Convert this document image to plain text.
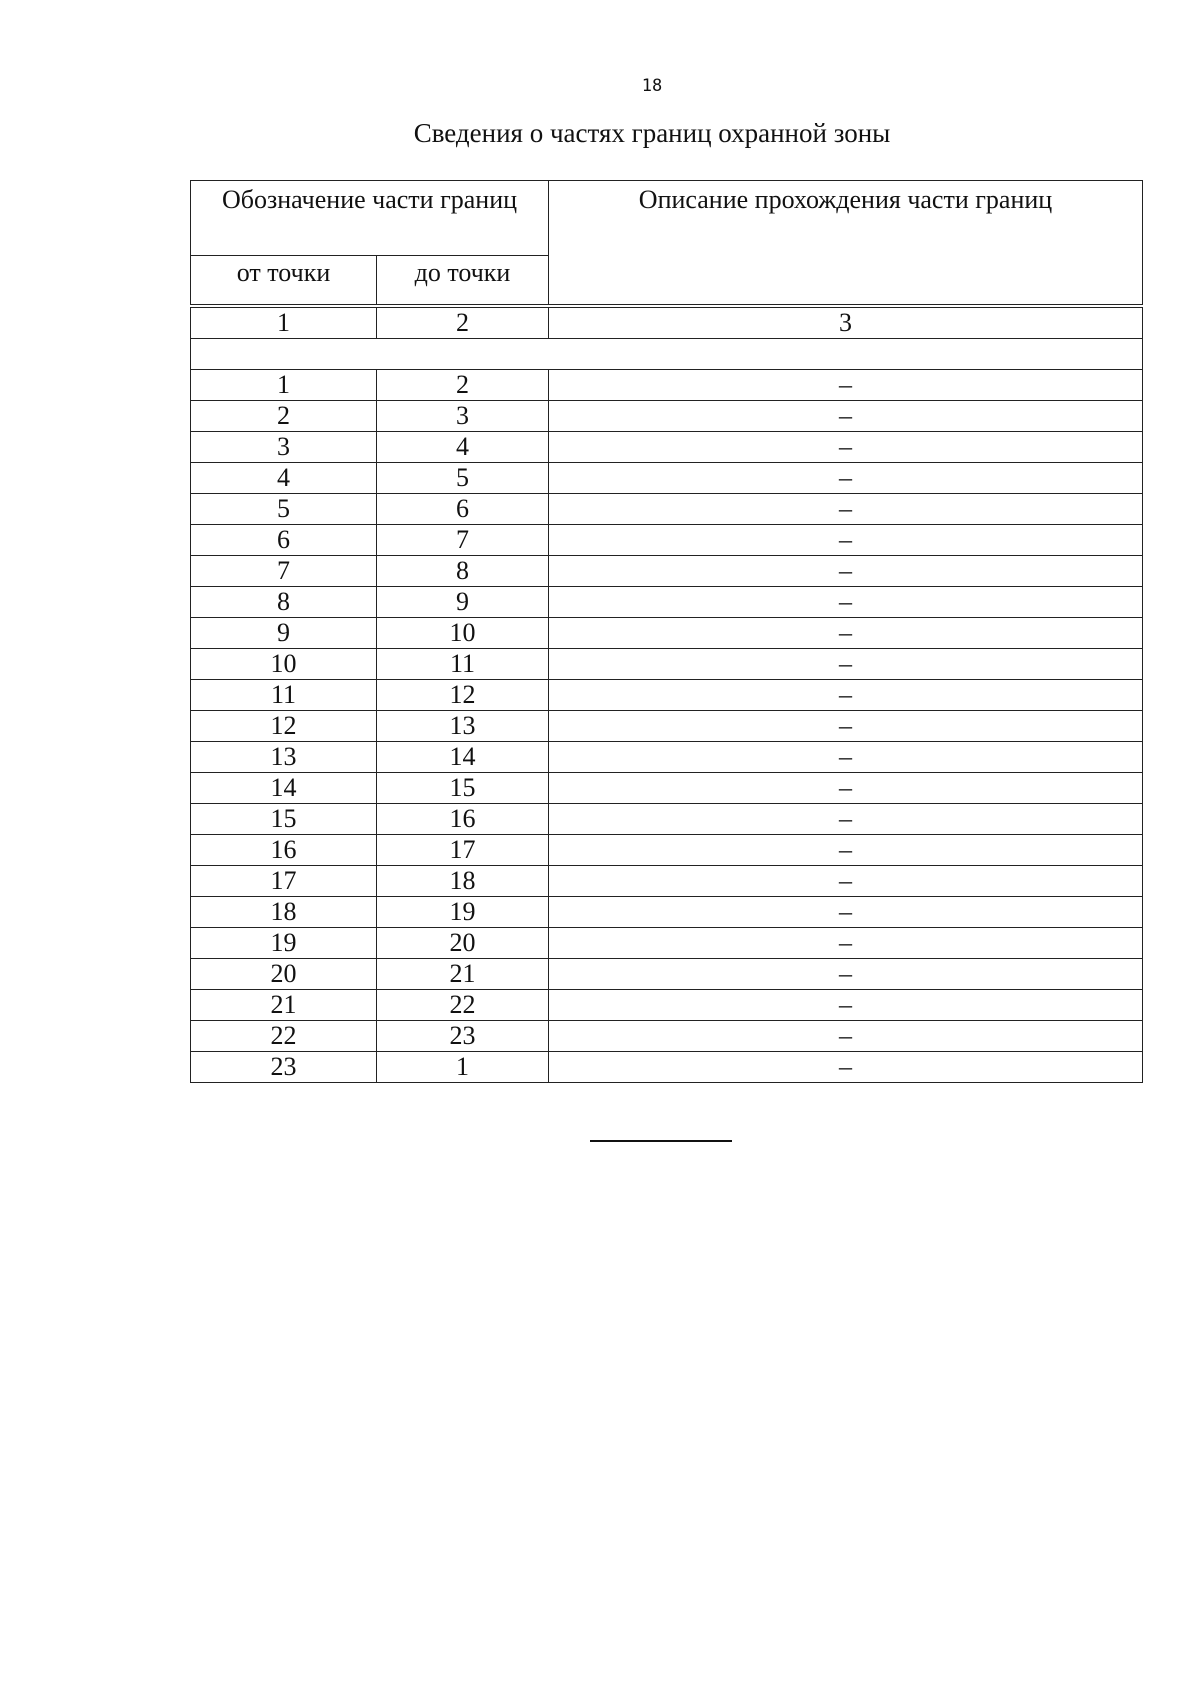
18
Сведения о частях границ охранной зоны
Обозначение части границ		Описание прохождения части границ
от точки	до точки	
1	2	3

1	2	–
2	3	–
3	4	–
4	5	–
5	6	–
6	7	–
7	8	–
8	9	–
9	10	–
10	11	–
11	12	–
12	13	–
13	14	–
14	15	–
15	16	–
16	17	–
17	18	–
18	19	–
19	20	–
20	21	–
21	22	–
22	23	–
23	1	–
